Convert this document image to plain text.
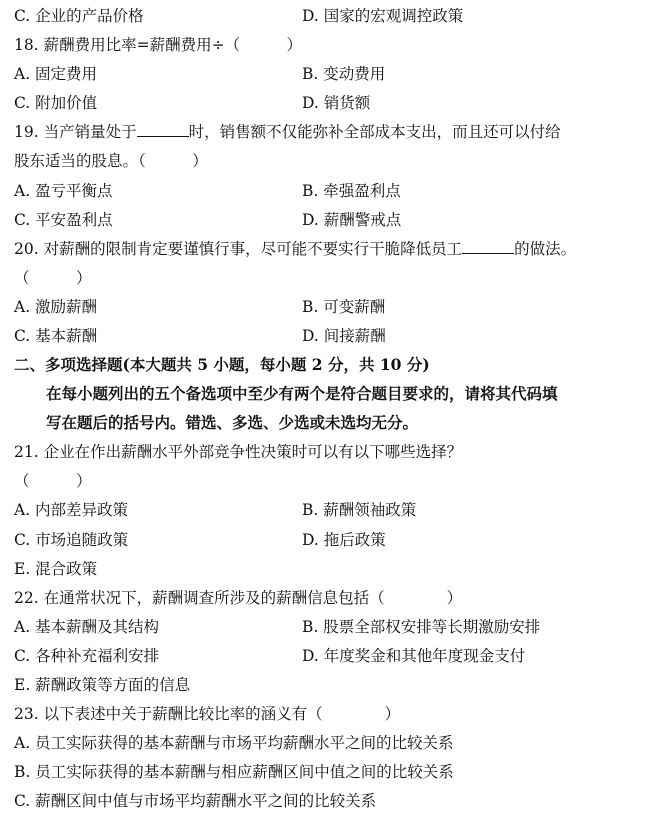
C. 企业的产品价格	D. 国家的宏观调控政策
18. 薪酬费用比率=薪酬费用÷（　　　）
A. 固定费用	B. 变动费用
C. 附加价值	D. 销货额
19. 当产销量处于	时，销售额不仅能弥补全部成本支出，而且还可以付给
股东适当的股息。（　　　）
A. 盈亏平衡点	B. 牵强盈利点
C. 平安盈利点	D. 薪酬警戒点
20. 对薪酬的限制肯定要谨慎行事，尽可能不要实行干脆降低员工	的做法。
（　　　）
A. 激励薪酬	B. 可变薪酬
C. 基本薪酬	D. 间接薪酬
二、多项选择题(本大题共 5 小题，每小题 2 分，共 10 分)
在每小题列出的五个备选项中至少有两个是符合题目要求的，请将其代码填
写在题后的括号内。错选、多选、少选或未选均无分。
21. 企业在作出薪酬水平外部竞争性决策时可以有以下哪些选择？
（　　　）
A. 内部差异政策	B. 薪酬领袖政策
C. 市场追随政策	D. 拖后政策
E. 混合政策
22. 在通常状况下，薪酬调查所涉及的薪酬信息包括（　　　　）
A. 基本薪酬及其结构	B. 股票全部权安排等长期激励安排
C. 各种补充福利安排	D. 年度奖金和其他年度现金支付
E. 薪酬政策等方面的信息
23. 以下表述中关于薪酬比较比率的涵义有（　　　　）
A. 员工实际获得的基本薪酬与市场平均薪酬水平之间的比较关系
B. 员工实际获得的基本薪酬与相应薪酬区间中值之间的比较关系
C. 薪酬区间中值与市场平均薪酬水平之间的比较关系
